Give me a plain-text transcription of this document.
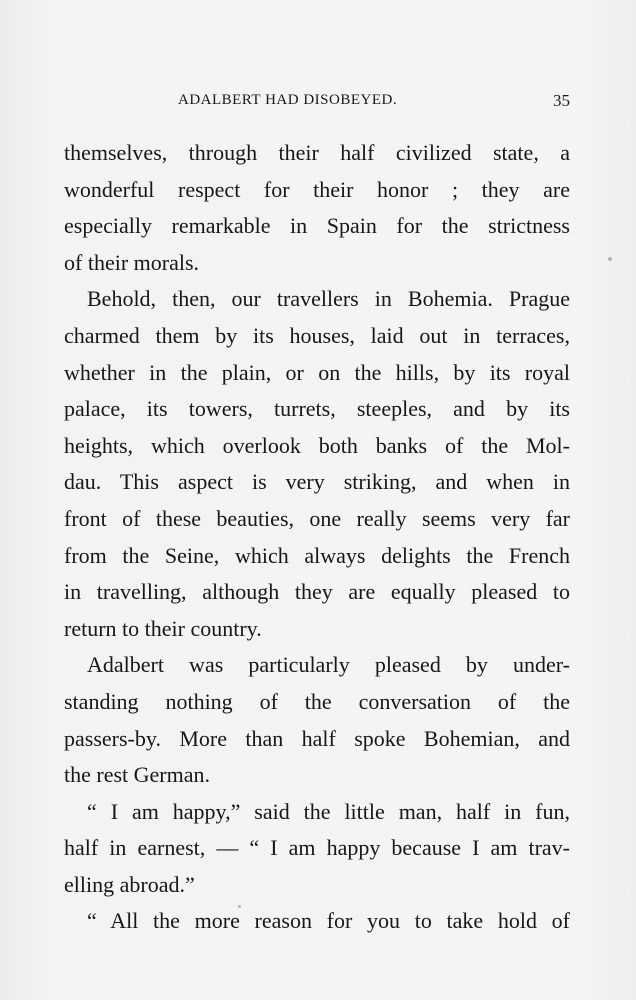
ADALBERT HAD DISOBEYED.	35
themselves, through their half civilized state, a
wonderful respect for their honor ; they are
especially remarkable in Spain for the strictness
of their morals.
Behold, then, our travellers in Bohemia. Prague
charmed them by its houses, laid out in terraces,
whether in the plain, or on the hills, by its royal
palace, its towers, turrets, steeples, and by its
heights, which overlook both banks of the Mol-
dau. This aspect is very striking, and when in
front of these beauties, one really seems very far
from the Seine, which always delights the French
in travelling, although they are equally pleased to
return to their country.
Adalbert was particularly pleased by under-
standing nothing of the conversation of the
passers-by. More than half spoke Bohemian, and
the rest German.
“ I am happy,” said the little man, half in fun,
half in earnest, — “ I am happy because I am trav-
elling abroad.”
“ All the more reason for you to take hold of
